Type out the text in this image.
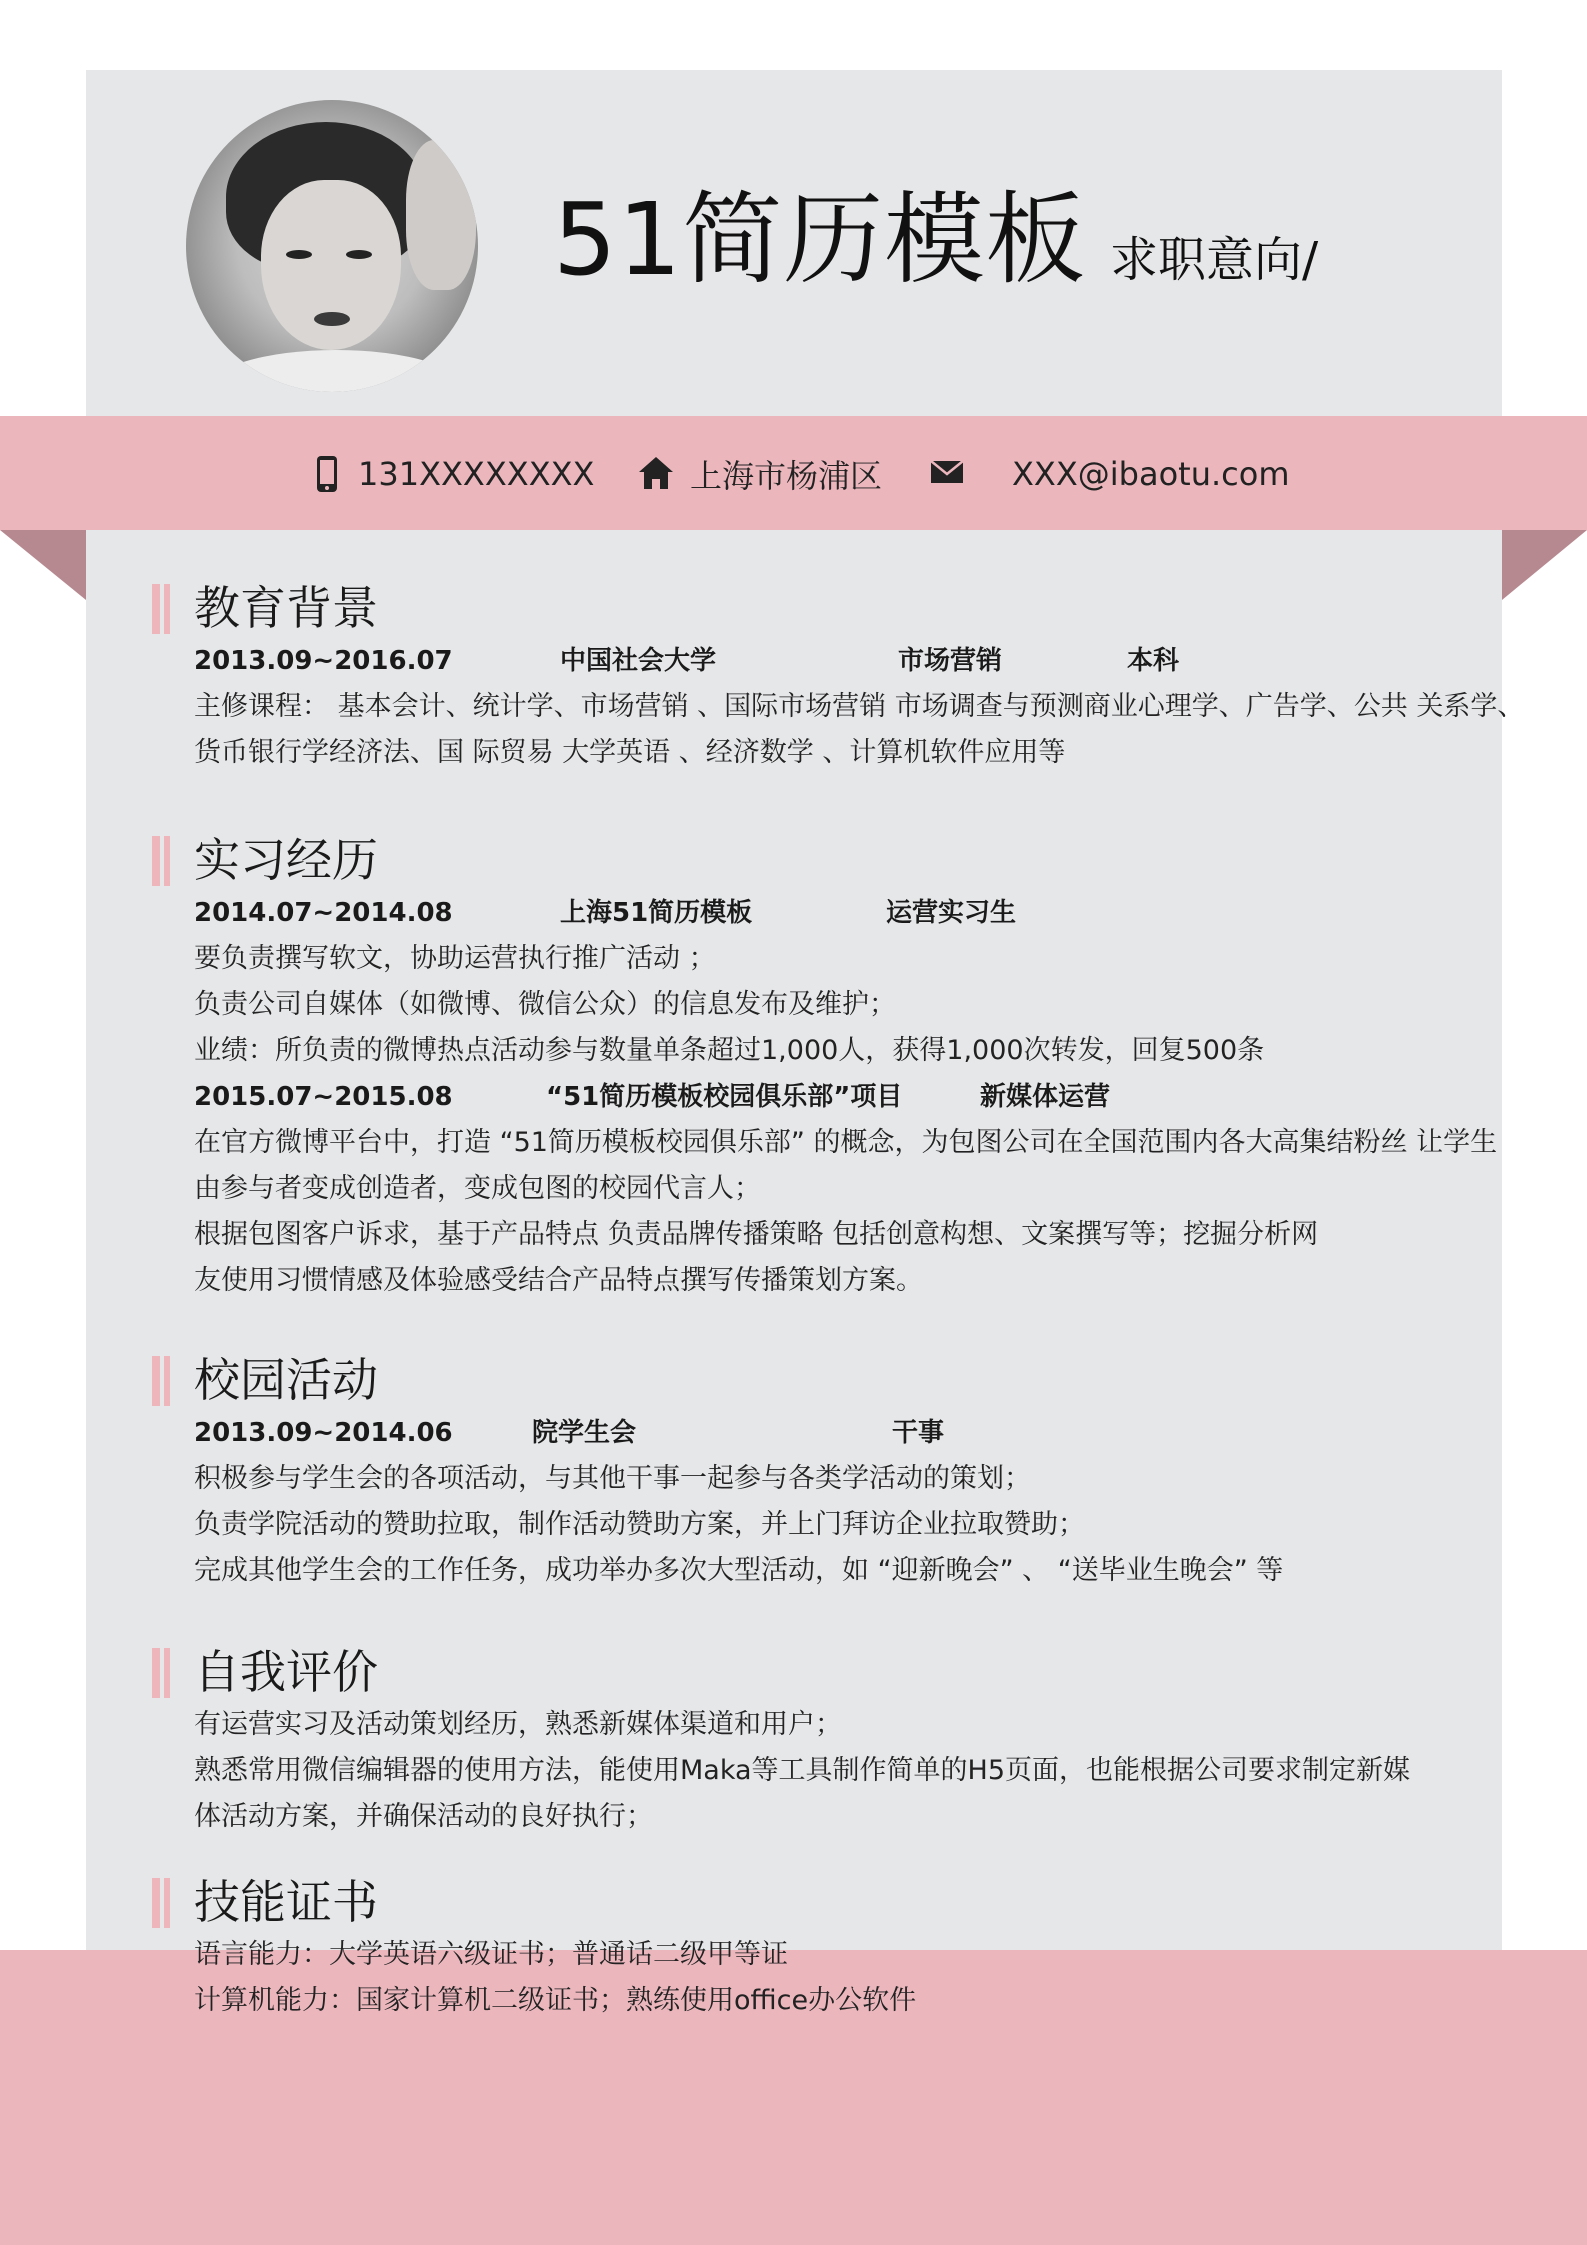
51简历模板 求职意向/
131XXXXXXXX	上海市杨浦区	XXX@ibaotu.com
教育背景
2013.09~2016.07	中国社会大学	市场营销	本科
主修课程： 基本会计、统计学、市场营销 、国际市场营销 市场调查与预测商业心理学、广告学、公共 关系学、
货币银行学经济法、国 际贸易 大学英语 、经济数学 、计算机软件应用等
实习经历
2014.07~2014.08	上海51简历模板	运营实习生
要负责撰写软文，协助运营执行推广活动 ；
负责公司自媒体（如微博、微信公众）的信息发布及维护；
业绩：所负责的微博热点活动参与数量单条超过1,000人，获得1,000次转发，回复500条
2015.07~2015.08	“51简历模板校园俱乐部”项目	新媒体运营
在官方微博平台中，打造 “51简历模板校园俱乐部” 的概念，为包图公司在全国范围内各大高集结粉丝 让学生
由参与者变成创造者，变成包图的校园代言人；
根据包图客户诉求，基于产品特点 负责品牌传播策略 包括创意构想、文案撰写等；挖掘分析网
友使用习惯情感及体验感受结合产品特点撰写传播策划方案。
校园活动
2013.09~2014.06	院学生会	干事
积极参与学生会的各项活动，与其他干事一起参与各类学活动的策划；
负责学院活动的赞助拉取，制作活动赞助方案，并上门拜访企业拉取赞助；
完成其他学生会的工作任务，成功举办多次大型活动，如 “迎新晚会” 、 “送毕业生晚会” 等
自我评价
有运营实习及活动策划经历，熟悉新媒体渠道和用户；
熟悉常用微信编辑器的使用方法，能使用Maka等工具制作简单的H5页面，也能根据公司要求制定新媒
体活动方案，并确保活动的良好执行；
技能证书
语言能力：大学英语六级证书；普通话二级甲等证
计算机能力：国家计算机二级证书；熟练使用office办公软件
